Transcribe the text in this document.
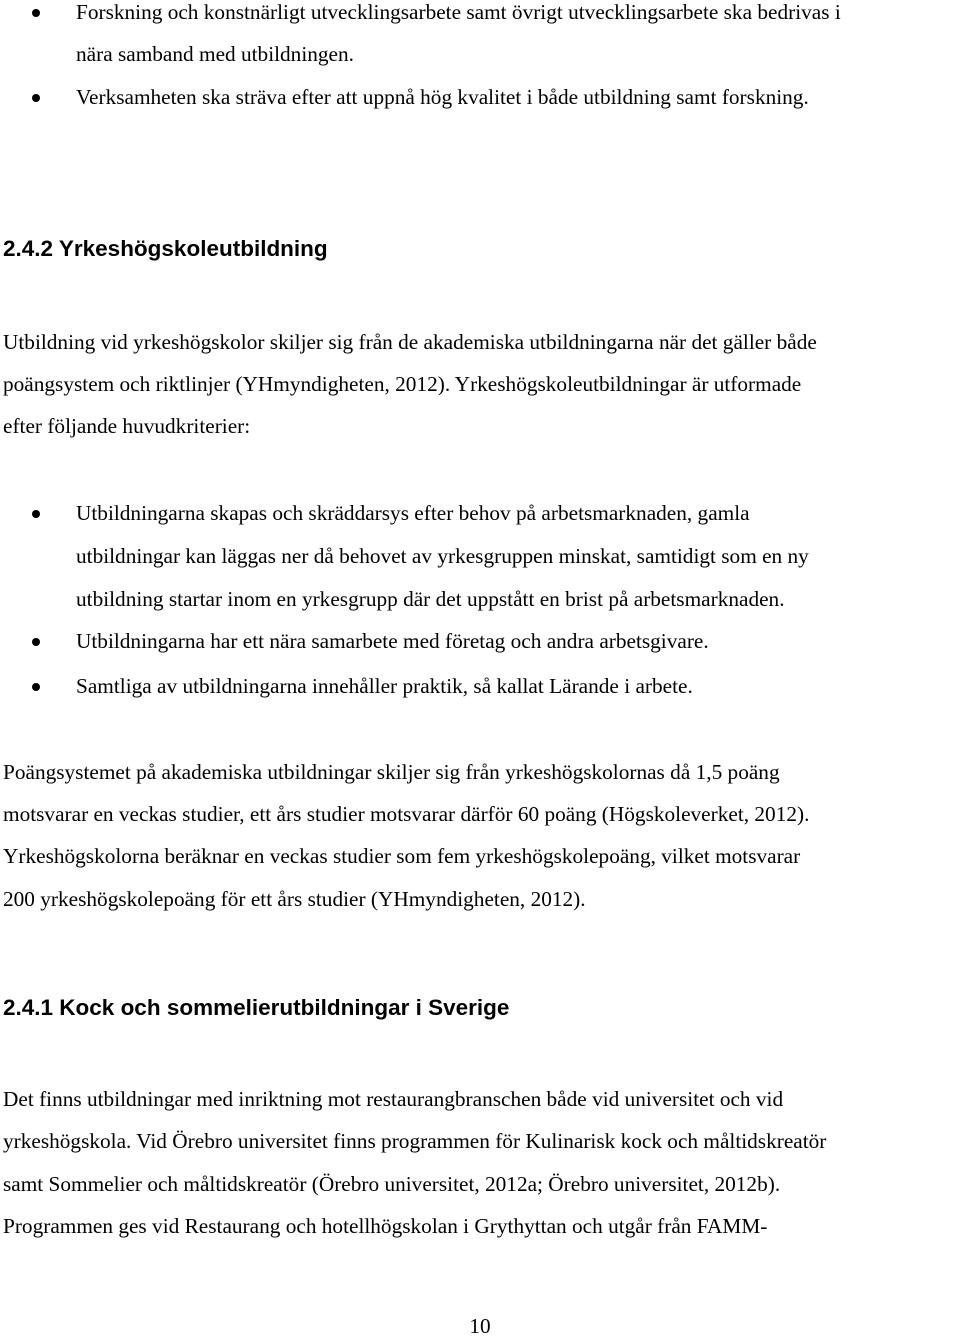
Forskning och konstnärligt utvecklingsarbete samt övrigt utvecklingsarbete ska bedrivas i
nära samband med utbildningen.
Verksamheten ska sträva efter att uppnå hög kvalitet i både utbildning samt forskning.
2.4.2 Yrkeshögskoleutbildning
Utbildning vid yrkeshögskolor skiljer sig från de akademiska utbildningarna när det gäller både
poängsystem och riktlinjer (YHmyndigheten, 2012). Yrkeshögskoleutbildningar är utformade
efter följande huvudkriterier:
Utbildningarna skapas och skräddarsys efter behov på arbetsmarknaden, gamla
utbildningar kan läggas ner då behovet av yrkesgruppen minskat, samtidigt som en ny
utbildning startar inom en yrkesgrupp där det uppstått en brist på arbetsmarknaden.
Utbildningarna har ett nära samarbete med företag och andra arbetsgivare.
Samtliga av utbildningarna innehåller praktik, så kallat Lärande i arbete.
Poängsystemet på akademiska utbildningar skiljer sig från yrkeshögskolornas då 1,5 poäng
motsvarar en veckas studier, ett års studier motsvarar därför 60 poäng (Högskoleverket, 2012).
Yrkeshögskolorna beräknar en veckas studier som fem yrkeshögskolepoäng, vilket motsvarar
200 yrkeshögskolepoäng för ett års studier (YHmyndigheten, 2012).
2.4.1 Kock och sommelierutbildningar i Sverige
Det finns utbildningar med inriktning mot restaurangbranschen både vid universitet och vid
yrkeshögskola. Vid Örebro universitet finns programmen för Kulinarisk kock och måltidskreatör
samt Sommelier och måltidskreatör (Örebro universitet, 2012a; Örebro universitet, 2012b).
Programmen ges vid Restaurang och hotellhögskolan i Grythyttan och utgår från FAMM-
10
